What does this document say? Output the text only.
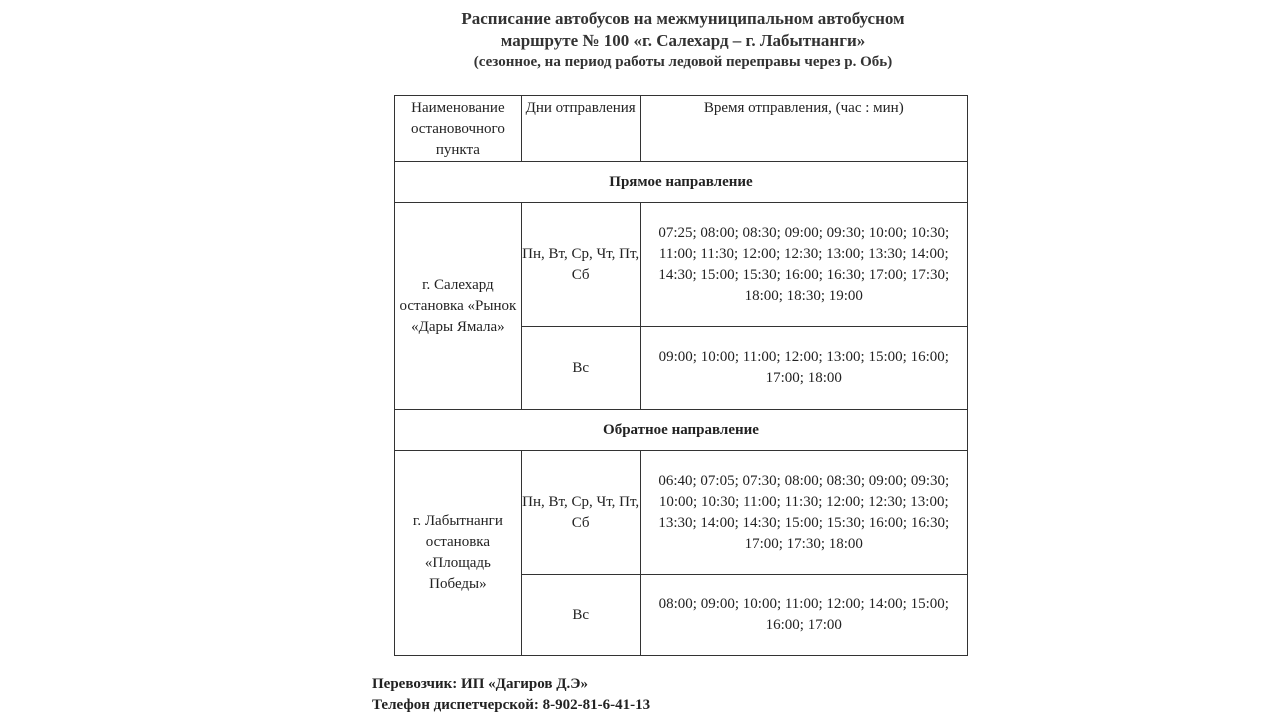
Расписание автобусов на межмуниципальном автобусном
маршруте № 100 «г. Салехард – г. Лабытнанги»
(сезонное, на период работы ледовой переправы через р. Обь)
Наименование остановочного пункта	Дни отправления	Время отправления, (час : мин)
Прямое направление		
г. Салехард остановка «Рынок «Дары Ямала»	Пн, Вт, Ср, Чт, Пт, Сб	07:25; 08:00; 08:30; 09:00; 09:30; 10:00; 10:30; 11:00; 11:30; 12:00; 12:30; 13:00; 13:30; 14:00; 14:30; 15:00; 15:30; 16:00; 16:30; 17:00; 17:30; 18:00; 18:30; 19:00
	Вс	09:00; 10:00; 11:00; 12:00; 13:00; 15:00; 16:00; 17:00; 18:00
Обратное направление		
г. Лабытнанги остановка «Площадь Победы»	Пн, Вт, Ср, Чт, Пт, Сб	06:40; 07:05; 07:30; 08:00; 08:30; 09:00; 09:30; 10:00; 10:30; 11:00; 11:30; 12:00; 12:30; 13:00; 13:30; 14:00; 14:30; 15:00; 15:30; 16:00; 16:30; 17:00; 17:30; 18:00
	Вс	08:00; 09:00; 10:00; 11:00; 12:00; 14:00; 15:00; 16:00; 17:00
Перевозчик: ИП «Дагиров Д.Э»
Телефон диспетчерской: 8-902-81-6-41-13
